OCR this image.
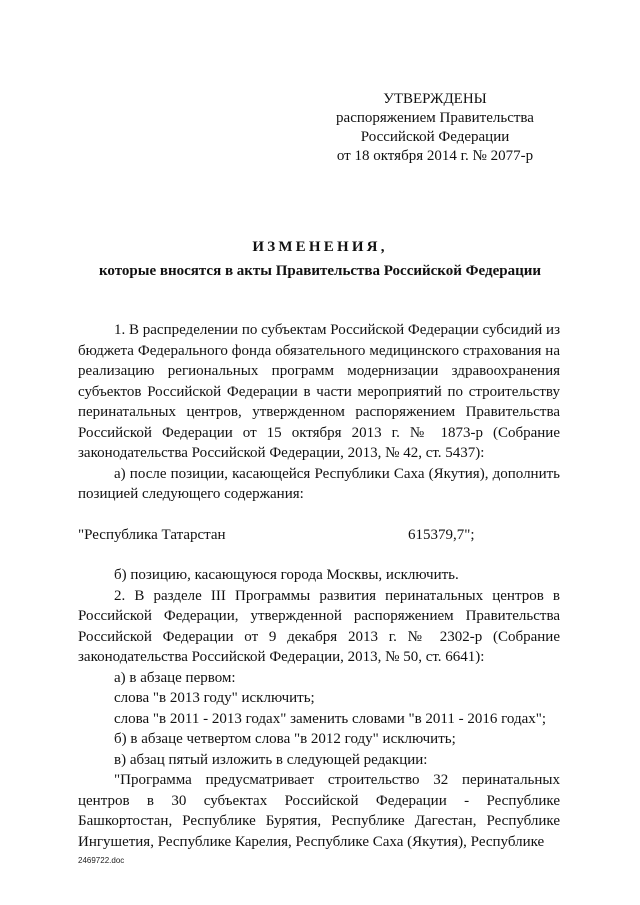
УТВЕРЖДЕНЫ
распоряжением Правительства
Российской Федерации
от 18 октября 2014 г. № 2077-р
ИЗМЕНЕНИЯ,
которые вносятся в акты Правительства Российской Федерации

1. В распределении по субъектам Российской Федерации субсидий из бюджета Федерального фонда обязательного медицинского страхования на реализацию региональных программ модернизации здравоохранения субъектов Российской Федерации в части мероприятий по строительству перинатальных центров, утвержденном распоряжением Правительства Российской Федерации от 15 октября 2013 г. № 1873-р (Собрание законодательства Российской Федерации, 2013, № 42, ст. 5437):

а) после позиции, касающейся Республики Саха (Якутия), дополнить позицией следующего содержания:

"Республика Татарстан	615379,7";

б) позицию, касающуюся города Москвы, исключить.

2. В разделе III Программы развития перинатальных центров в Российской Федерации, утвержденной распоряжением Правительства Российской Федерации от 9 декабря 2013 г. № 2302-р (Собрание законодательства Российской Федерации, 2013, № 50, ст. 6641):

а) в абзаце первом:

слова "в 2013 году" исключить;

слова "в 2011 - 2013 годах" заменить словами "в 2011 - 2016 годах";

б) в абзаце четвертом слова "в 2012 году" исключить;

в) абзац пятый изложить в следующей редакции:

"Программа предусматривает строительство 32 перинатальных центров в 30 субъектах Российской Федерации - Республике Башкортостан, Республике Бурятия, Республике Дагестан, Республике Ингушетия, Республике Карелия, Республике Саха (Якутия), Республике

2469722.doc
